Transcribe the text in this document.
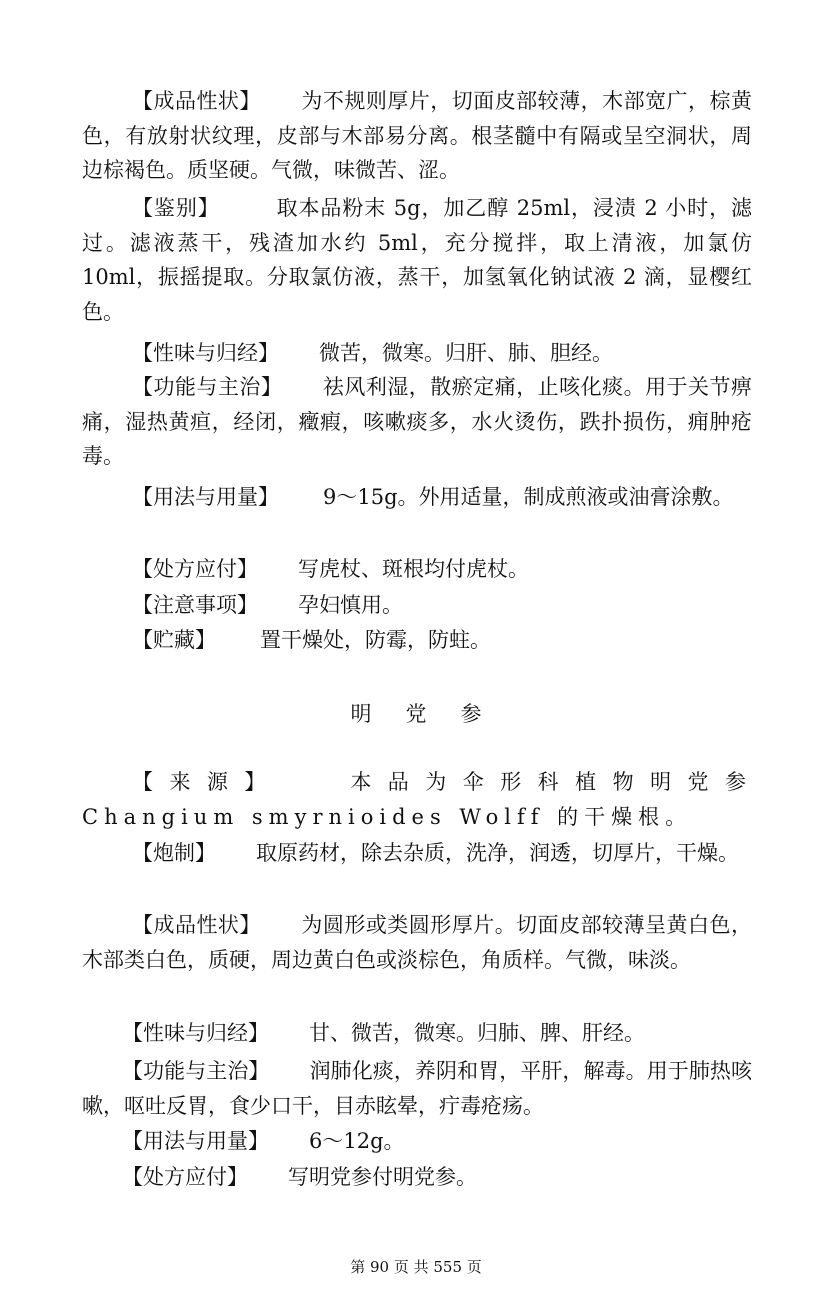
【成品性状】 为不规则厚片，切面皮部较薄，木部宽广，棕黄色，有放射状纹理，皮部与木部易分离。根茎髓中有隔或呈空洞状，周边棕褐色。质坚硬。气微，味微苦、涩。

【鉴别】	取本品粉末 5g，加乙醇 25ml，浸渍 2 小时，滤过。滤液蒸干，残渣加水约 5ml，充分搅拌，取上清液，加氯仿 10ml，振摇提取。分取氯仿液，蒸干，加氢氧化钠试液 2 滴，显樱红色。

【性味与归经】 微苦，微寒。归肝、肺、胆经。

【功能与主治】 祛风利湿，散瘀定痛，止咳化痰。用于关节痹痛，湿热黄疸，经闭，癥瘕，咳嗽痰多，水火烫伤，跌扑损伤，痈肿疮毒。

【用法与用量】 9～15g。外用适量，制成煎液或油膏涂敷。

【处方应付】 写虎杖、斑根均付虎杖。

【注意事项】 孕妇慎用。

【贮藏】 置干燥处，防霉，防蛀。

明党参

【来源】	本品为伞形科植物明党参 Changium smyrnioides Wolff 的干燥根。

【炮制】 取原药材，除去杂质，洗净，润透，切厚片，干燥。

【成品性状】 为圆形或类圆形厚片。切面皮部较薄呈黄白色，木部类白色，质硬，周边黄白色或淡棕色，角质样。气微，味淡。

【性味与归经】 甘、微苦，微寒。归肺、脾、肝经。

【功能与主治】 润肺化痰，养阴和胃，平肝，解毒。用于肺热咳嗽，呕吐反胃，食少口干，目赤眩晕，疔毒疮疡。

【用法与用量】 6～12g。

【处方应付】 写明党参付明党参。

第 90 页 共 555 页
